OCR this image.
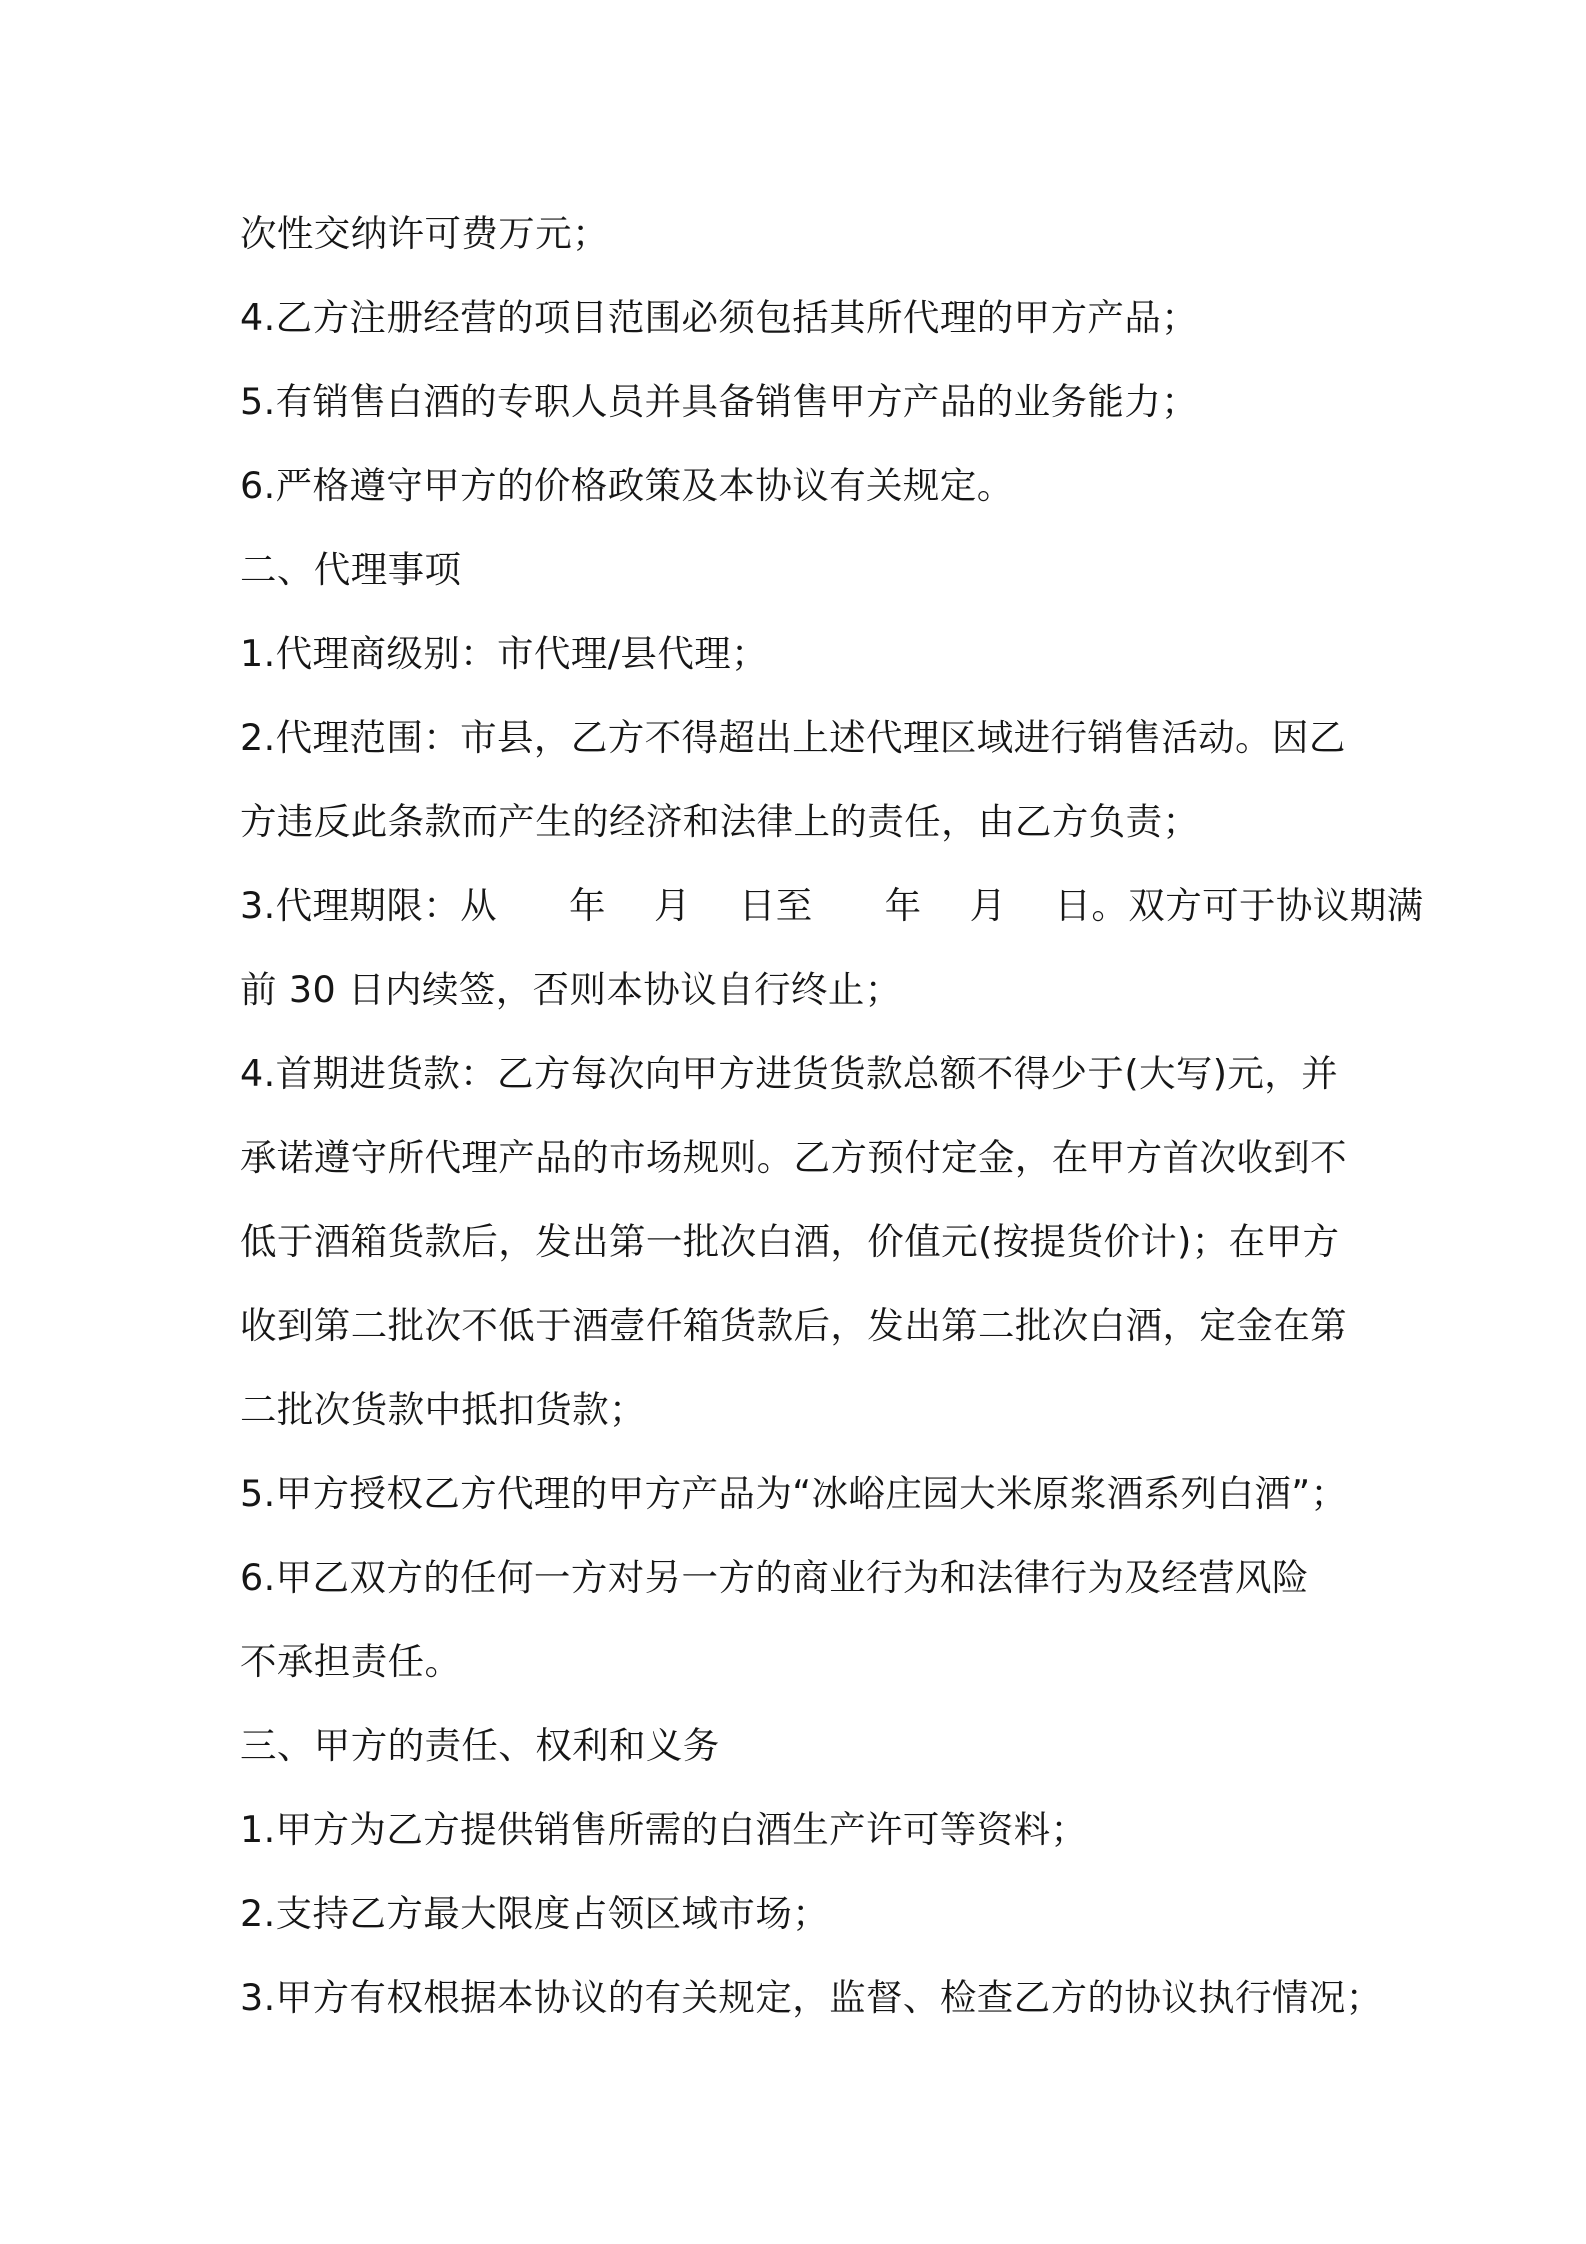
次性交纳许可费万元；
4.乙方注册经营的项目范围必须包括其所代理的甲方产品；
5.有销售白酒的专职人员并具备销售甲方产品的业务能力；
6.严格遵守甲方的价格政策及本协议有关规定。
二、代理事项
1.代理商级别：市代理/县代理；
2.代理范围：市县，乙方不得超出上述代理区域进行销售活动。因乙
方违反此条款而产生的经济和法律上的责任，由乙方负责；
3.代理期限：从      年    月    日至      年    月    日。双方可于协议期满
前 30 日内续签，否则本协议自行终止；
4.首期进货款：乙方每次向甲方进货货款总额不得少于(大写)元，并
承诺遵守所代理产品的市场规则。乙方预付定金，在甲方首次收到不
低于酒箱货款后，发出第一批次白酒，价值元(按提货价计)；在甲方
收到第二批次不低于酒壹仟箱货款后，发出第二批次白酒，定金在第
二批次货款中抵扣货款；
5.甲方授权乙方代理的甲方产品为“冰峪庄园大米原浆酒系列白酒”；
6.甲乙双方的任何一方对另一方的商业行为和法律行为及经营风险
不承担责任。
三、甲方的责任、权利和义务
1.甲方为乙方提供销售所需的白酒生产许可等资料；
2.支持乙方最大限度占领区域市场；
3.甲方有权根据本协议的有关规定，监督、检查乙方的协议执行情况；
